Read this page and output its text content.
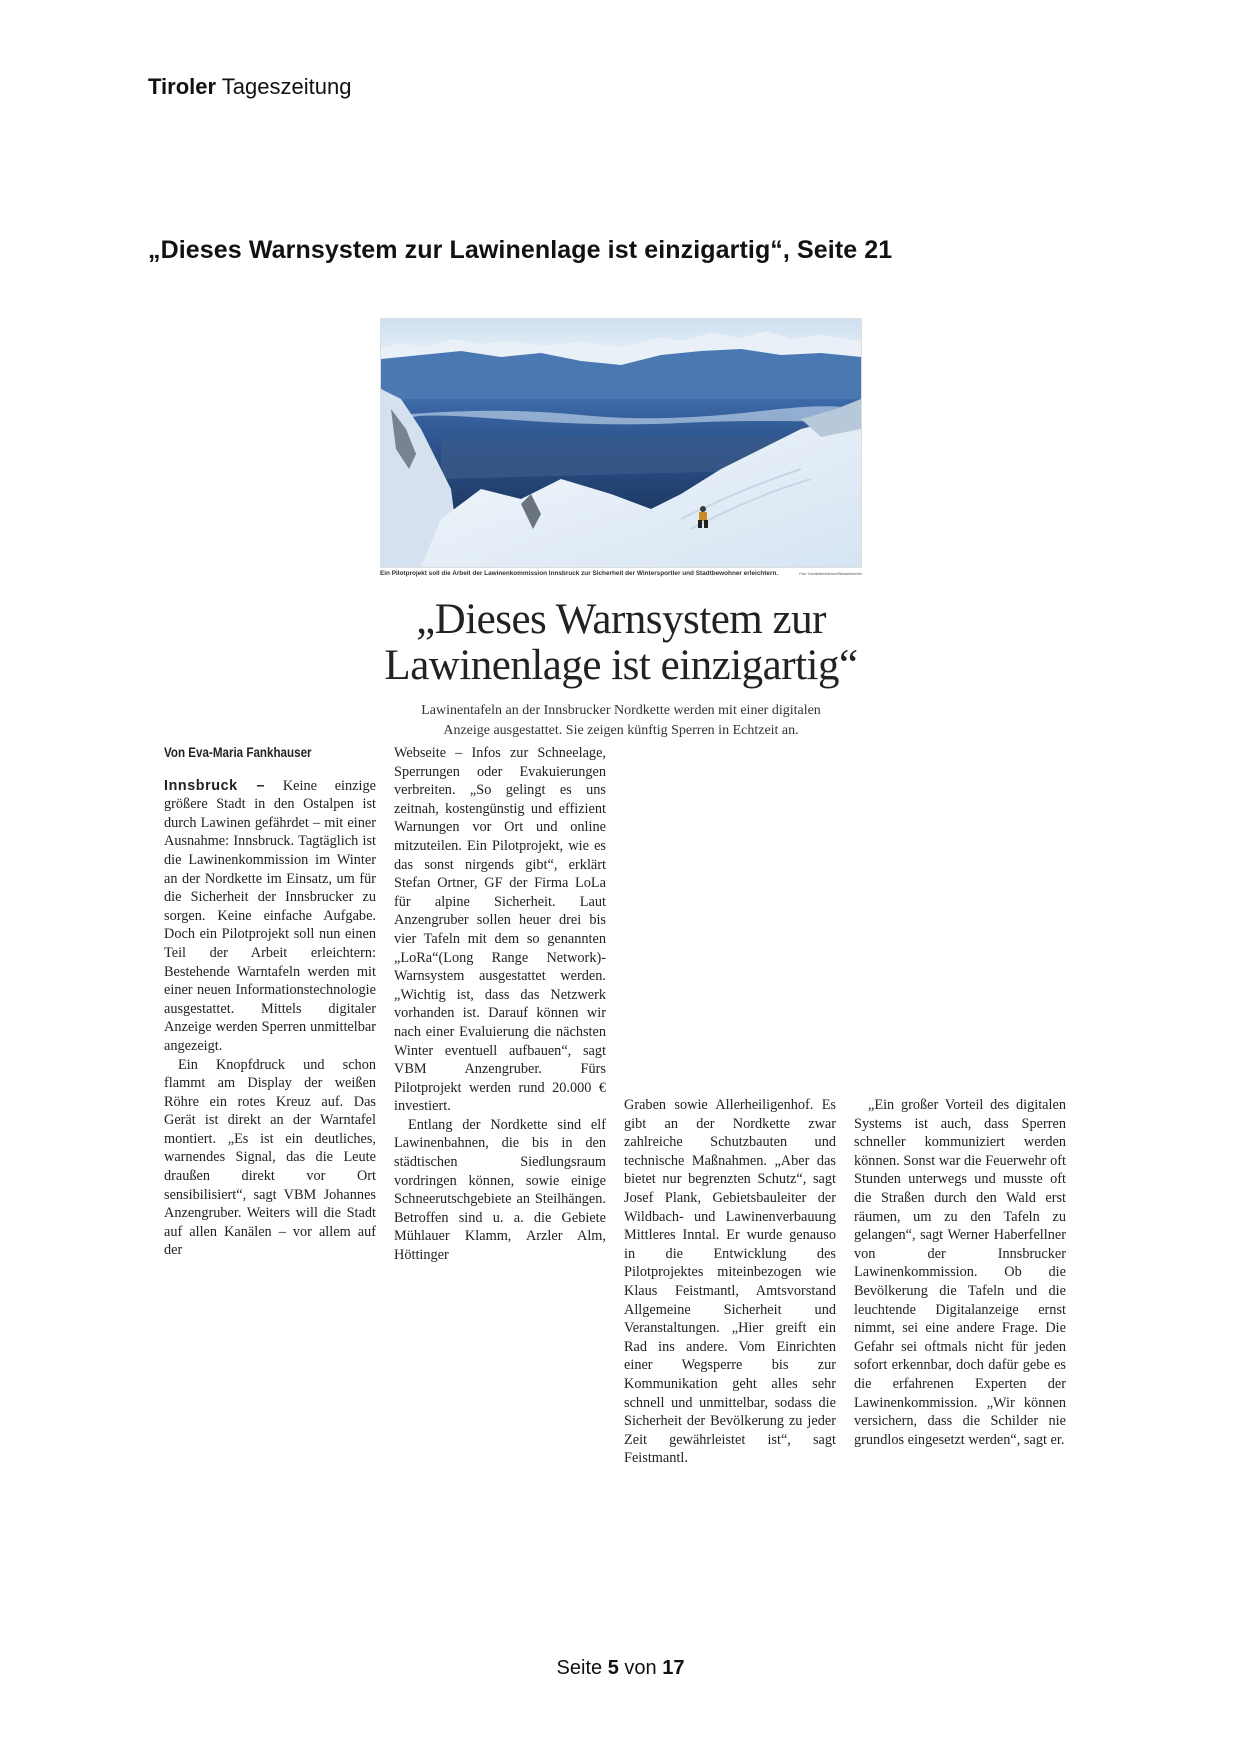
Tiroler Tageszeitung
„Dieses Warnsystem zur Lawinenlage ist einzigartig“, Seite 21
Ein Pilotprojekt soll die Arbeit der Lawinenkommission Innsbruck zur Sicherheit der Wintersportler und Stadtbewohner erleichtern.	Foto: Nordkettenbahnen/Weissenbacher
„Dieses Warnsystem zur
Lawinenlage ist einzigartig“
Lawinentafeln an der Innsbrucker Nordkette werden mit einer digitalen
Anzeige ausgestattet. Sie zeigen künftig Sperren in Echtzeit an.
Von Eva-Maria Fankhauser

Innsbruck – Keine einzige größere Stadt in den Ostalpen ist durch Lawinen gefährdet – mit einer Ausnahme: Innsbruck. Tagtäglich ist die Lawinenkommission im Winter an der Nordkette im Einsatz, um für die Sicherheit der Innsbrucker zu sorgen. Keine einfache Aufgabe. Doch ein Pilotprojekt soll nun einen Teil der Arbeit erleichtern: Bestehende Warntafeln werden mit einer neuen Informationstechnologie ausgestattet. Mittels digitaler Anzeige werden Sperren unmittelbar angezeigt.

Ein Knopfdruck und schon flammt am Display der weißen Röhre ein rotes Kreuz auf. Das Gerät ist direkt an der Warntafel montiert. „Es ist ein deutliches, warnendes Signal, das die Leute draußen direkt vor Ort sensibilisiert“, sagt VBM Johannes Anzengruber. Weiters will die Stadt auf allen Kanälen – vor allem auf der

Webseite – Infos zur Schneelage, Sperrungen oder Evakuierungen verbreiten. „So gelingt es uns zeitnah, kostengünstig und effizient Warnungen vor Ort und online mitzuteilen. Ein Pilotprojekt, wie es das sonst nirgends gibt“, erklärt Stefan Ortner, GF der Firma LoLa für alpine Sicherheit. Laut Anzengruber sollen heuer drei bis vier Tafeln mit dem so genannten „LoRa“(Long Range Network)-Warnsystem ausgestattet werden. „Wichtig ist, dass das Netzwerk vorhanden ist. Darauf können wir nach einer Evaluierung die nächsten Winter eventuell aufbauen“, sagt VBM Anzengruber. Fürs Pilotprojekt werden rund 20.000 € investiert.

Entlang der Nordkette sind elf Lawinenbahnen, die bis in den städtischen Siedlungsraum vordringen können, sowie einige Schneerutschgebiete an Steilhängen. Betroffen sind u. a. die Gebiete Mühlauer Klamm, Arzler Alm, Höttinger

Graben sowie Allerheiligenhof. Es gibt an der Nordkette zwar zahlreiche Schutzbauten und technische Maßnahmen. „Aber das bietet nur begrenzten Schutz“, sagt Josef Plank, Gebietsbauleiter der Wildbach- und Lawinenverbauung Mittleres Inntal. Er wurde genauso in die Entwicklung des Pilotprojektes miteinbezogen wie Klaus Feistmantl, Amtsvorstand Allgemeine Sicherheit und Veranstaltungen. „Hier greift ein Rad ins andere. Vom Einrichten einer Wegsperre bis zur Kommunikation geht alles sehr schnell und unmittelbar, sodass die Sicherheit der Bevölkerung zu jeder Zeit gewährleistet ist“, sagt Feistmantl.

„Ein großer Vorteil des digitalen Systems ist auch, dass Sperren schneller kommuniziert werden können. Sonst war die Feuerwehr oft Stunden unterwegs und musste oft die Straßen durch den Wald erst räumen, um zu den Tafeln zu gelangen“, sagt Werner Haberfellner von der Innsbrucker Lawinenkommission. Ob die Bevölkerung die Tafeln und die leuchtende Digitalanzeige ernst nimmt, sei eine andere Frage. Die Gefahr sei oftmals nicht für jeden sofort erkennbar, doch dafür gebe es die erfahrenen Experten der Lawinenkommission. „Wir können versichern, dass die Schilder nie grundlos eingesetzt werden“, sagt er.

Seite 5 von 17
